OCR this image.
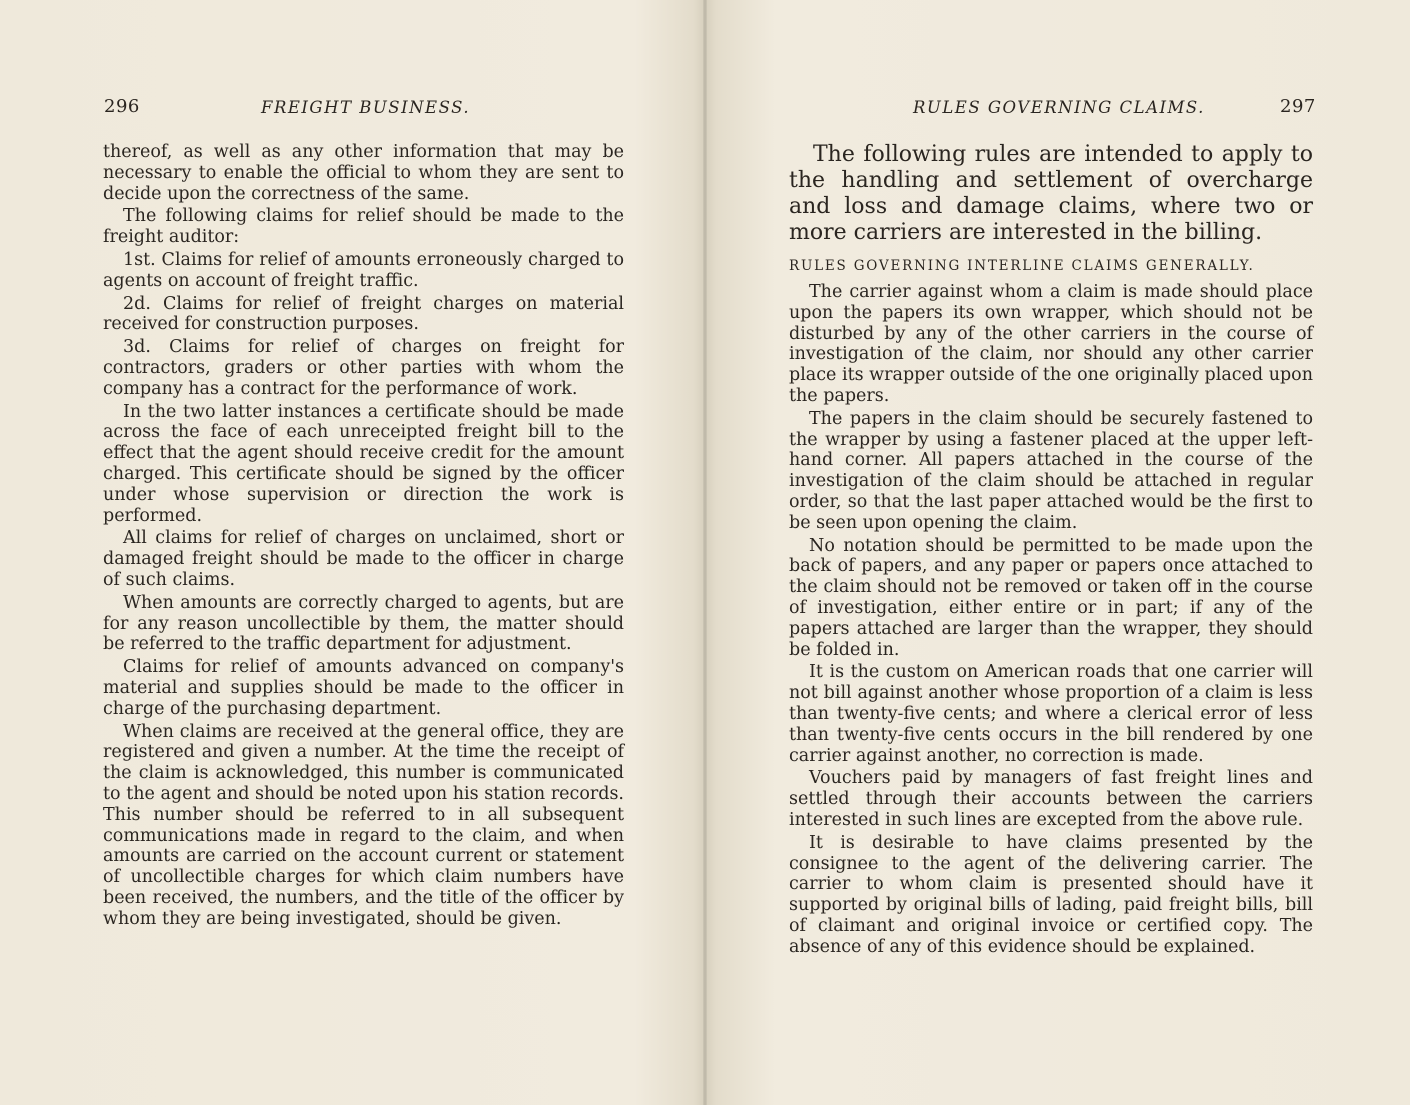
296	FREIGHT BUSINESS.

thereof, as well as any other information that may be necessary to enable the official to whom they are sent to decide upon the correctness of the same.

The following claims for relief should be made to the freight auditor:

1st. Claims for relief of amounts erroneously charged to agents on account of freight traffic.

2d. Claims for relief of freight charges on material received for construction purposes.

3d. Claims for relief of charges on freight for contractors, graders or other parties with whom the company has a contract for the performance of work.

In the two latter instances a certificate should be made across the face of each unreceipted freight bill to the effect that the agent should receive credit for the amount charged. This certificate should be signed by the officer under whose supervision or direction the work is performed.

All claims for relief of charges on unclaimed, short or damaged freight should be made to the officer in charge of such claims.

When amounts are correctly charged to agents, but are for any reason uncollectible by them, the matter should be referred to the traffic department for adjustment.

Claims for relief of amounts advanced on company's material and supplies should be made to the officer in charge of the purchasing department.

When claims are received at the general office, they are registered and given a number. At the time the receipt of the claim is acknowledged, this number is communicated to the agent and should be noted upon his station records. This number should be referred to in all subsequent communications made in regard to the claim, and when amounts are carried on the account current or statement of uncollectible charges for which claim numbers have been received, the numbers, and the title of the officer by whom they are being investigated, should be given.

RULES GOVERNING CLAIMS.	297

The following rules are intended to apply to the handling and settlement of overcharge and loss and damage claims, where two or more carriers are interested in the billing.

RULES GOVERNING INTERLINE CLAIMS GENERALLY.

The carrier against whom a claim is made should place upon the papers its own wrapper, which should not be disturbed by any of the other carriers in the course of investigation of the claim, nor should any other carrier place its wrapper outside of the one originally placed upon the papers.

The papers in the claim should be securely fastened to the wrapper by using a fastener placed at the upper left-hand corner. All papers attached in the course of the investigation of the claim should be attached in regular order, so that the last paper attached would be the first to be seen upon opening the claim.

No notation should be permitted to be made upon the back of papers, and any paper or papers once attached to the claim should not be removed or taken off in the course of investigation, either entire or in part; if any of the papers attached are larger than the wrapper, they should be folded in.

It is the custom on American roads that one carrier will not bill against another whose proportion of a claim is less than twenty-five cents; and where a clerical error of less than twenty-five cents occurs in the bill rendered by one carrier against another, no correction is made.

Vouchers paid by managers of fast freight lines and settled through their accounts between the carriers interested in such lines are excepted from the above rule.

It is desirable to have claims presented by the consignee to the agent of the delivering carrier. The carrier to whom claim is presented should have it supported by original bills of lading, paid freight bills, bill of claimant and original invoice or certified copy. The absence of any of this evidence should be explained.
